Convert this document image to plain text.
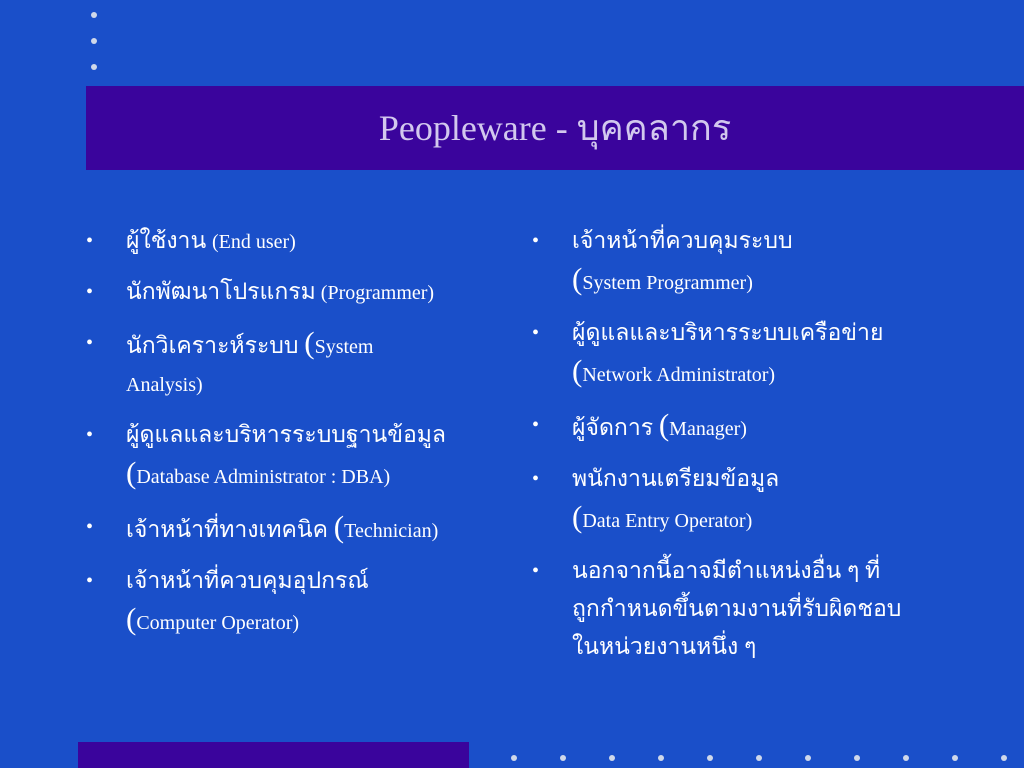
Peopleware - บุคคลากร
• ผู้ใช้งาน (End user)
• นักพัฒนาโปรแกรม (Programmer)
• นักวิเคราะห์ระบบ (System
Analysis)
• ผู้ดูแลและบริหารระบบฐานข้อมูล
(Database Administrator : DBA)
• เจ้าหน้าที่ทางเทคนิค (Technician)
• เจ้าหน้าที่ควบคุมอุปกรณ์
(Computer Operator)
• เจ้าหน้าที่ควบคุมระบบ
(System Programmer)
• ผู้ดูแลและบริหารระบบเครือข่าย
(Network Administrator)
• ผู้จัดการ (Manager)
• พนักงานเตรียมข้อมูล
(Data Entry Operator)
• นอกจากนี้อาจมีตำแหน่งอื่น ๆ ที่
ถูกกำหนดขึ้นตามงานที่รับผิดชอบ
ในหน่วยงานหนึ่ง ๆ
